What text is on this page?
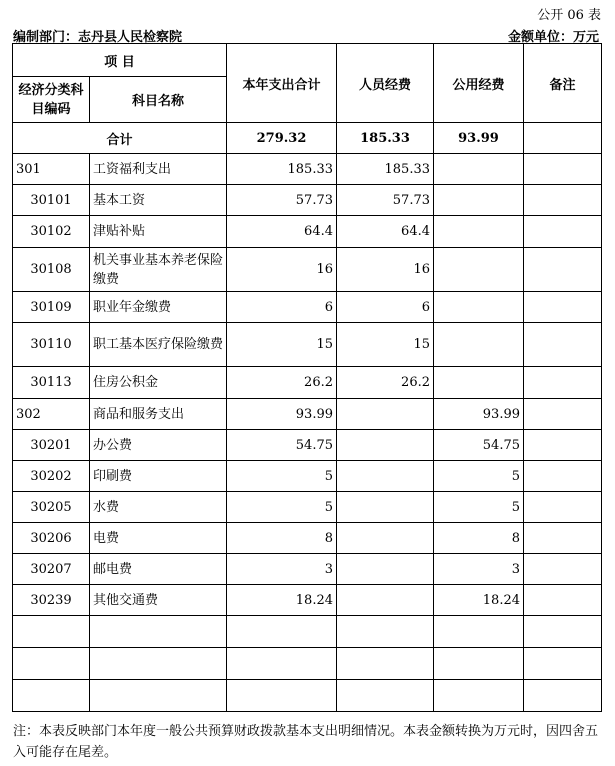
公开 06 表
编制部门：志丹县人民检察院	金额单位：万元
项 目		本年支出合计	人员经费	公用经费	备注
经济分类科目编码	科目名称				
合计		279.32	185.33	93.99	
301	工资福利支出	185.33	185.33		
30101	基本工资	57.73	57.73		
30102	津贴补贴	64.4	64.4		
30108	机关事业基本养老保险缴费	16	16		
30109	职业年金缴费	6	6		
30110	职工基本医疗保险缴费	15	15		
30113	住房公积金	26.2	26.2		
302	商品和服务支出	93.99		93.99	
30201	办公费	54.75		54.75	
30202	印刷费	5		5	
30205	水费	5		5	
30206	电费	8		8	
30207	邮电费	3		3	
30239	其他交通费	18.24		18.24	

注：本表反映部门本年度一般公共预算财政拨款基本支出明细情况。本表金额转换为万元时，因四舍五入可能存在尾差。
